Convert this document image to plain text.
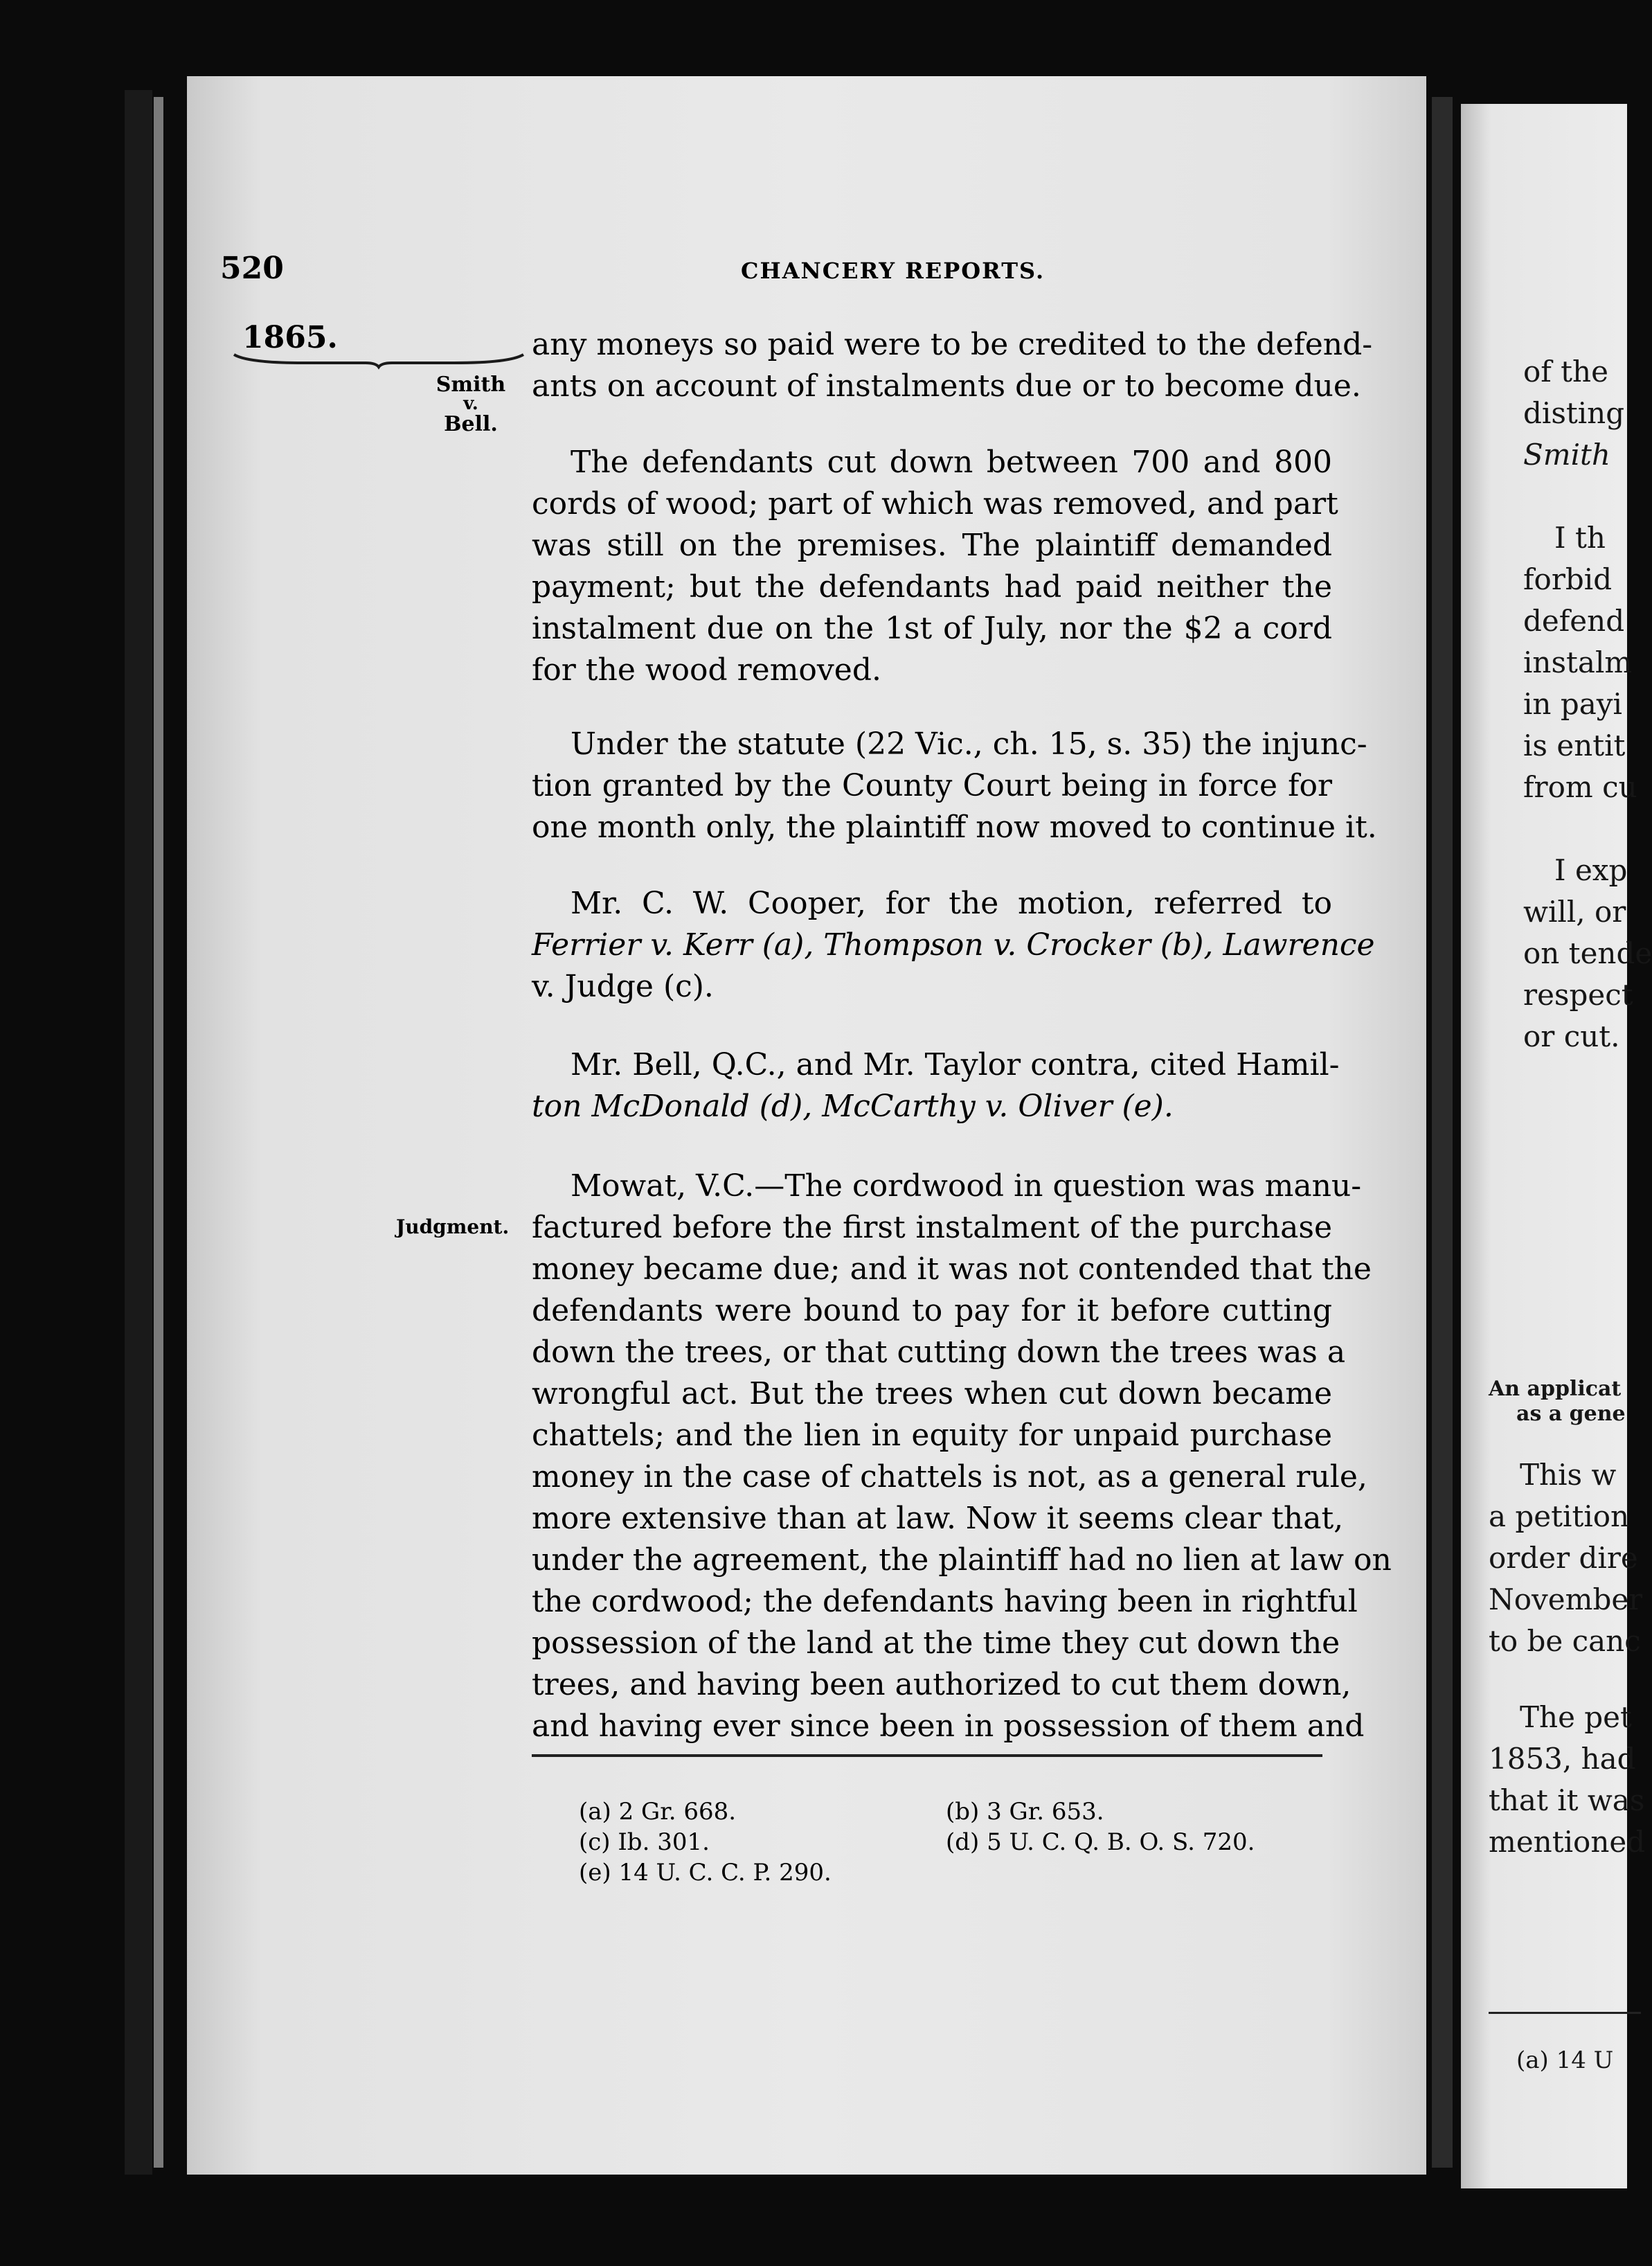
520	CHANCERY REPORTS.
1865.
Smith
v.
Bell.
Judgment.
any moneys so paid were to be credited to the defend-
ants on account of instalments due or to become due.
The defendants cut down between 700 and 800
cords of wood; part of which was removed, and part
was still on the premises. The plaintiff demanded
payment; but the defendants had paid neither the
instalment due on the 1st of July, nor the $2 a cord
for the wood removed.
Under the statute (22 Vic., ch. 15, s. 35) the injunc-
tion granted by the County Court being in force for
one month only, the plaintiff now moved to continue it.
Mr. C. W. Cooper, for the motion, referred to
Ferrier v. Kerr (a), Thompson v. Crocker (b), Lawrence
v. Judge (c).
Mr. Bell, Q.C., and Mr. Taylor contra, cited Hamil-
ton McDonald (d), McCarthy v. Oliver (e).
Mowat, V.C.—The cordwood in question was manu-
factured before the first instalment of the purchase
money became due; and it was not contended that the
defendants were bound to pay for it before cutting
down the trees, or that cutting down the trees was a
wrongful act. But the trees when cut down became
chattels; and the lien in equity for unpaid purchase
money in the case of chattels is not, as a general rule,
more extensive than at law. Now it seems clear that,
under the agreement, the plaintiff had no lien at law on
the cordwood; the defendants having been in rightful
possession of the land at the time they cut down the
trees, and having been authorized to cut them down,
and having ever since been in possession of them and
(a) 2 Gr. 668.	(b) 3 Gr. 653.
(c) Ib. 301.	(d) 5 U. C. Q. B. O. S. 720.
(e) 14 U. C. C. P. 290.
of the
disting
Smith
I th
forbid
defend
instalm
in payi
is entit
from cu
I exp
will, or
on tende
respect
or cut.
An applicat
as a gene
This w
a petition
order dire
November
to be canc
The pet
1853, had
that it was
mentioned
(a) 14 U
